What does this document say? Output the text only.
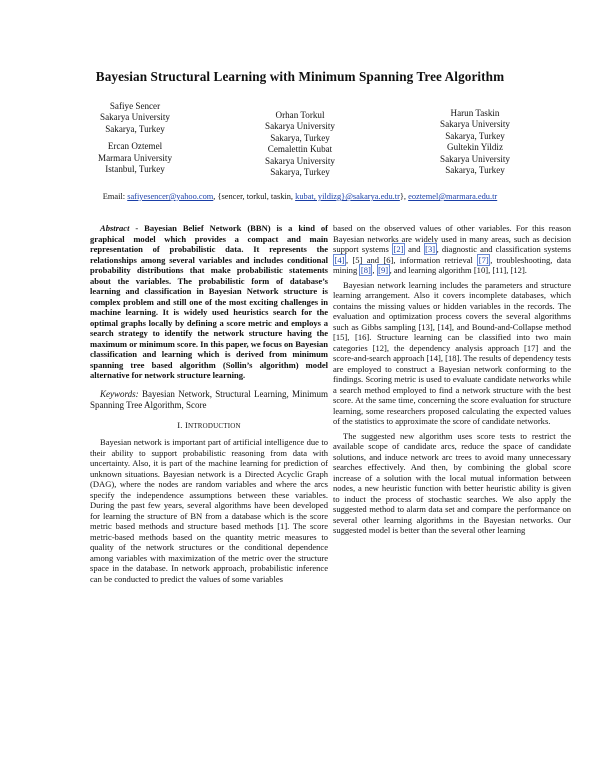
Bayesian Structural Learning with Minimum Spanning Tree Algorithm
Safiye Sencer
Sakarya University
Sakarya, Turkey
Ercan Oztemel
Marmara University
Istanbul, Turkey
Orhan Torkul
Sakarya University
Sakarya, Turkey
Cemalettin Kubat
Sakarya University
Sakarya, Turkey
Harun Taskin
Sakarya University
Sakarya, Turkey
Gultekin Yildiz
Sakarya University
Sakarya, Turkey
Email: safiyesencer@yahoo.com, {sencer, torkul, taskin, kubat, yildizg}@sakarya.edu.tr}, eoztemel@marmara.edu.tr

Abstract - Bayesian Belief Network (BBN) is a kind of graphical model which provides a compact and main representation of probabilistic data. It represents the relationships among several variables and includes conditional probability distributions that make probabilistic statements about the variables. The probabilistic form of database’s learning and classification in Bayesian Network structure is complex problem and still one of the most exciting challenges in machine learning. It is widely used heuristics search for the optimal graphs locally by defining a score metric and employs a search strategy to identify the network structure having the maximum or minimum score. In this paper, we focus on Bayesian classification and learning which is derived from minimum spanning tree based algorithm (Sollin’s algorithm) model alternative for network structure learning.

Keywords: Bayesian Network, Structural Learning, Minimum Spanning Tree Algorithm, Score

I. INTRODUCTION

Bayesian network is important part of artificial intelligence due to their ability to support probabilistic reasoning from data with uncertainty. Also, it is part of the machine learning for prediction of unknown situations. Bayesian network is a Directed Acyclic Graph (DAG), where the nodes are random variables and where the arcs specify the independence assumptions between these variables. During the past few years, several algorithms have been developed for learning the structure of BN from a database which is the score metric based methods and structure based methods [1]. The score metric-based methods based on the quantity metric measures to quality of the network structures or the conditional dependence among variables with maximization of the metric over the structure space in the database. In network approach, probabilistic inference can be conducted to predict the values of some variables

based on the observed values of other variables. For this reason Bayesian networks are widely used in many areas, such as decision support systems [2] and [3] , diagnostic and classification systems [4] , [5] and [6], information retrieval [7] , troubleshooting, data mining [8] , [9] , and learning algorithm [10], [11], [12].

Bayesian network learning includes the parameters and structure learning arrangement. Also it covers incomplete databases, which contains the missing values or hidden variables in the records. The evaluation and optimization process covers the several algorithms such as Gibbs sampling [13], [14], and Bound-and-Collapse method [15], [16]. Structure learning can be classified into two main categories [12], the dependency analysis approach [17] and the score-and-search approach [14], [18]. The results of dependency tests are employed to construct a Bayesian network conforming to the findings. Scoring metric is used to evaluate candidate networks while a search method employed to find a network structure with the best score. At the same time, concerning the score evaluation for structure learning, some researchers proposed calculating the expected values of the statistics to approximate the score of candidate networks.

The suggested new algorithm uses score tests to restrict the available scope of candidate arcs, reduce the space of candidate solutions, and induce network arc trees to avoid many unnecessary searches effectively. And then, by combining the global score increase of a solution with the local mutual information between nodes, a new heuristic function with better heuristic ability is given to induct the process of stochastic searches. We also apply the suggested method to alarm data set and compare the performance on several other learning algorithms in the Bayesian networks. Our suggested model is better than the several other learning
